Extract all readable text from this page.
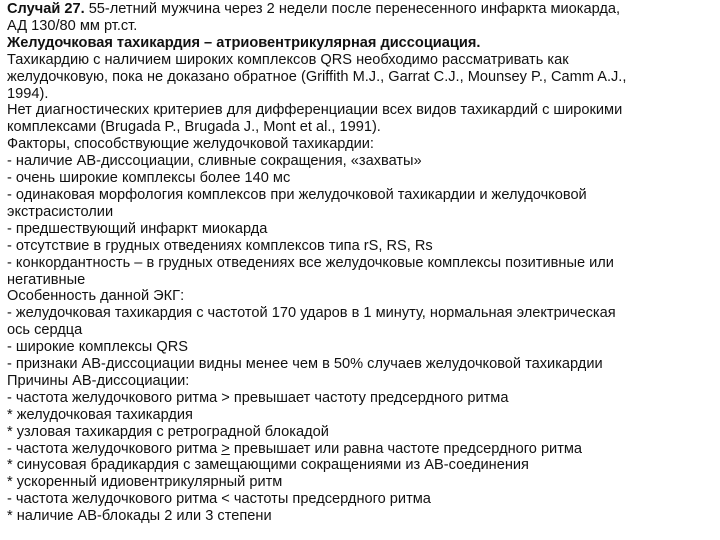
Случай 27. 55-летний мужчина через 2 недели после перенесенного инфаркта миокарда,
АД 130/80 мм рт.ст.
Желудочковая тахикардия – атриовентрикулярная диссоциация.
Тахикардию с наличием широких комплексов QRS необходимо рассматривать как
желудочковую, пока не доказано обратное (Griffith M.J., Garrat C.J., Mounsey P., Camm A.J.,
1994).
Нет диагностических критериев для дифференциации всех видов тахикардий с широкими
комплексами (Brugada P., Brugada J., Mont et al., 1991).
Факторы, способствующие желудочковой тахикардии:
- наличие АВ-диссоциации, сливные сокращения, «захваты»
- очень широкие комплексы более 140 мс
- одинаковая морфология комплексов при желудочковой тахикардии и желудочковой
экстрасистолии
- предшествующий инфаркт миокарда
- отсутствие в грудных отведениях комплексов типа rS, RS, Rs
- конкордантность – в грудных отведениях все желудочковые комплексы позитивные или
негативные
Особенность данной ЭКГ:
- желудочковая тахикардия с частотой 170 ударов в 1 минуту, нормальная электрическая
ось сердца
- широкие комплексы QRS
- признаки АВ-диссоциации видны менее чем в 50% случаев желудочковой тахикардии
Причины АВ-диссоциации:
- частота желудочкового ритма > превышает частоту предсердного ритма
* желудочковая тахикардия
* узловая тахикардия с ретроградной блокадой
- частота желудочкового ритма > превышает или равна частоте предсердного ритма
* синусовая брадикардия с замещающими сокращениями из АВ-соединения
* ускоренный идиовентрикулярный ритм
- частота желудочкового ритма < частоты предсердного ритма
* наличие АВ-блокады 2 или 3 степени
